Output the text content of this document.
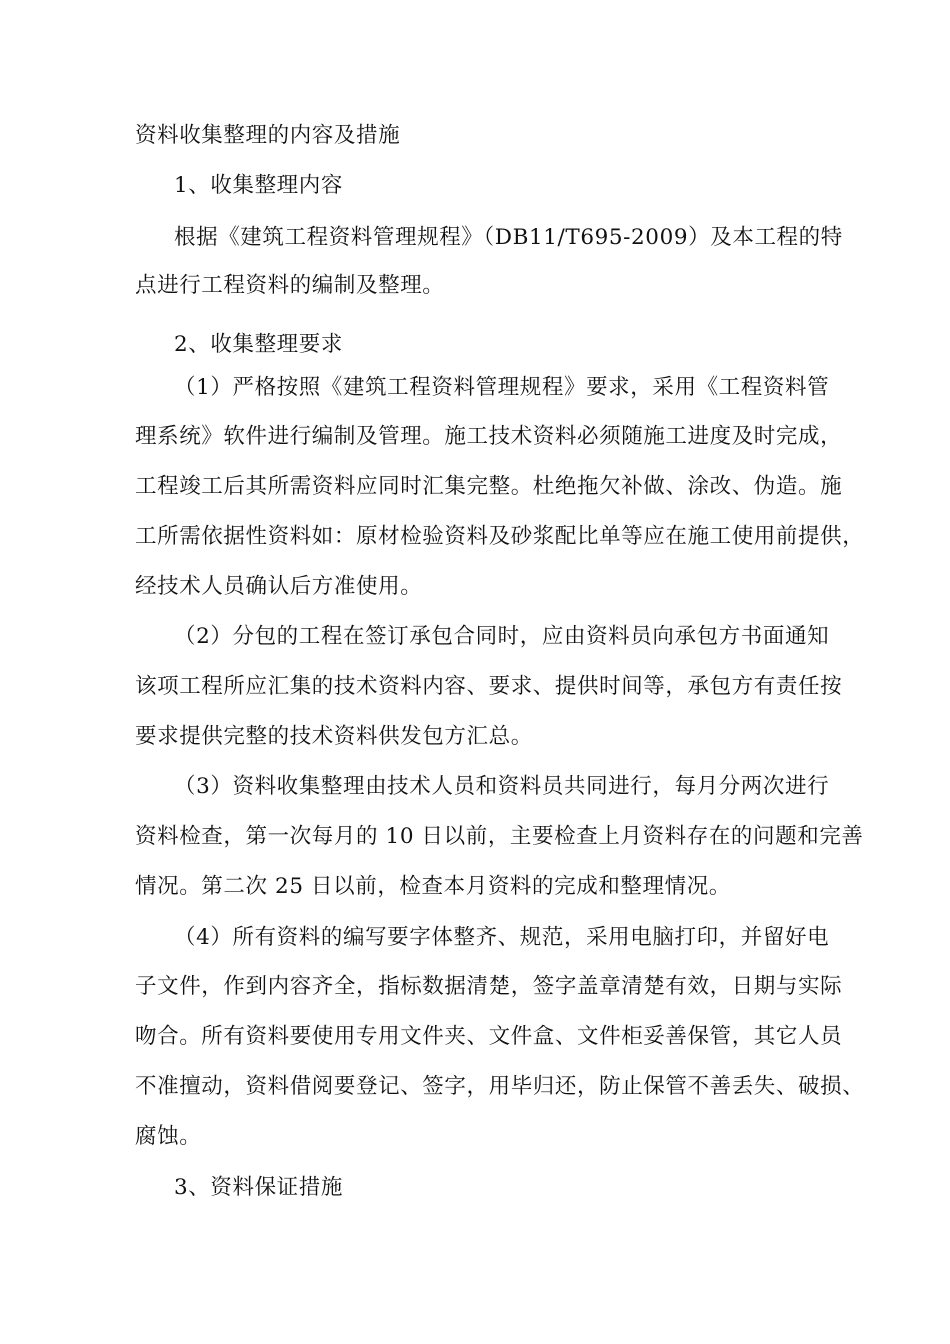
资料收集整理的内容及措施
1、收集整理内容
根据《建筑工程资料管理规程》（DB11/T695-2009）及本工程的特
点进行工程资料的编制及整理。
2、收集整理要求
（1）严格按照《建筑工程资料管理规程》要求，采用《工程资料管
理系统》软件进行编制及管理。施工技术资料必须随施工进度及时完成，
工程竣工后其所需资料应同时汇集完整。杜绝拖欠补做、涂改、伪造。施
工所需依据性资料如：原材检验资料及砂浆配比单等应在施工使用前提供，
经技术人员确认后方准使用。
（2）分包的工程在签订承包合同时，应由资料员向承包方书面通知
该项工程所应汇集的技术资料内容、要求、提供时间等，承包方有责任按
要求提供完整的技术资料供发包方汇总。
（3）资料收集整理由技术人员和资料员共同进行，每月分两次进行
资料检查，第一次每月的 10 日以前，主要检查上月资料存在的问题和完善
情况。第二次 25 日以前，检查本月资料的完成和整理情况。
（4）所有资料的编写要字体整齐、规范，采用电脑打印，并留好电
子文件，作到内容齐全，指标数据清楚，签字盖章清楚有效，日期与实际
吻合。所有资料要使用专用文件夹、文件盒、文件柜妥善保管，其它人员
不准擅动，资料借阅要登记、签字，用毕归还，防止保管不善丢失、破损、
腐蚀。
3、资料保证措施
